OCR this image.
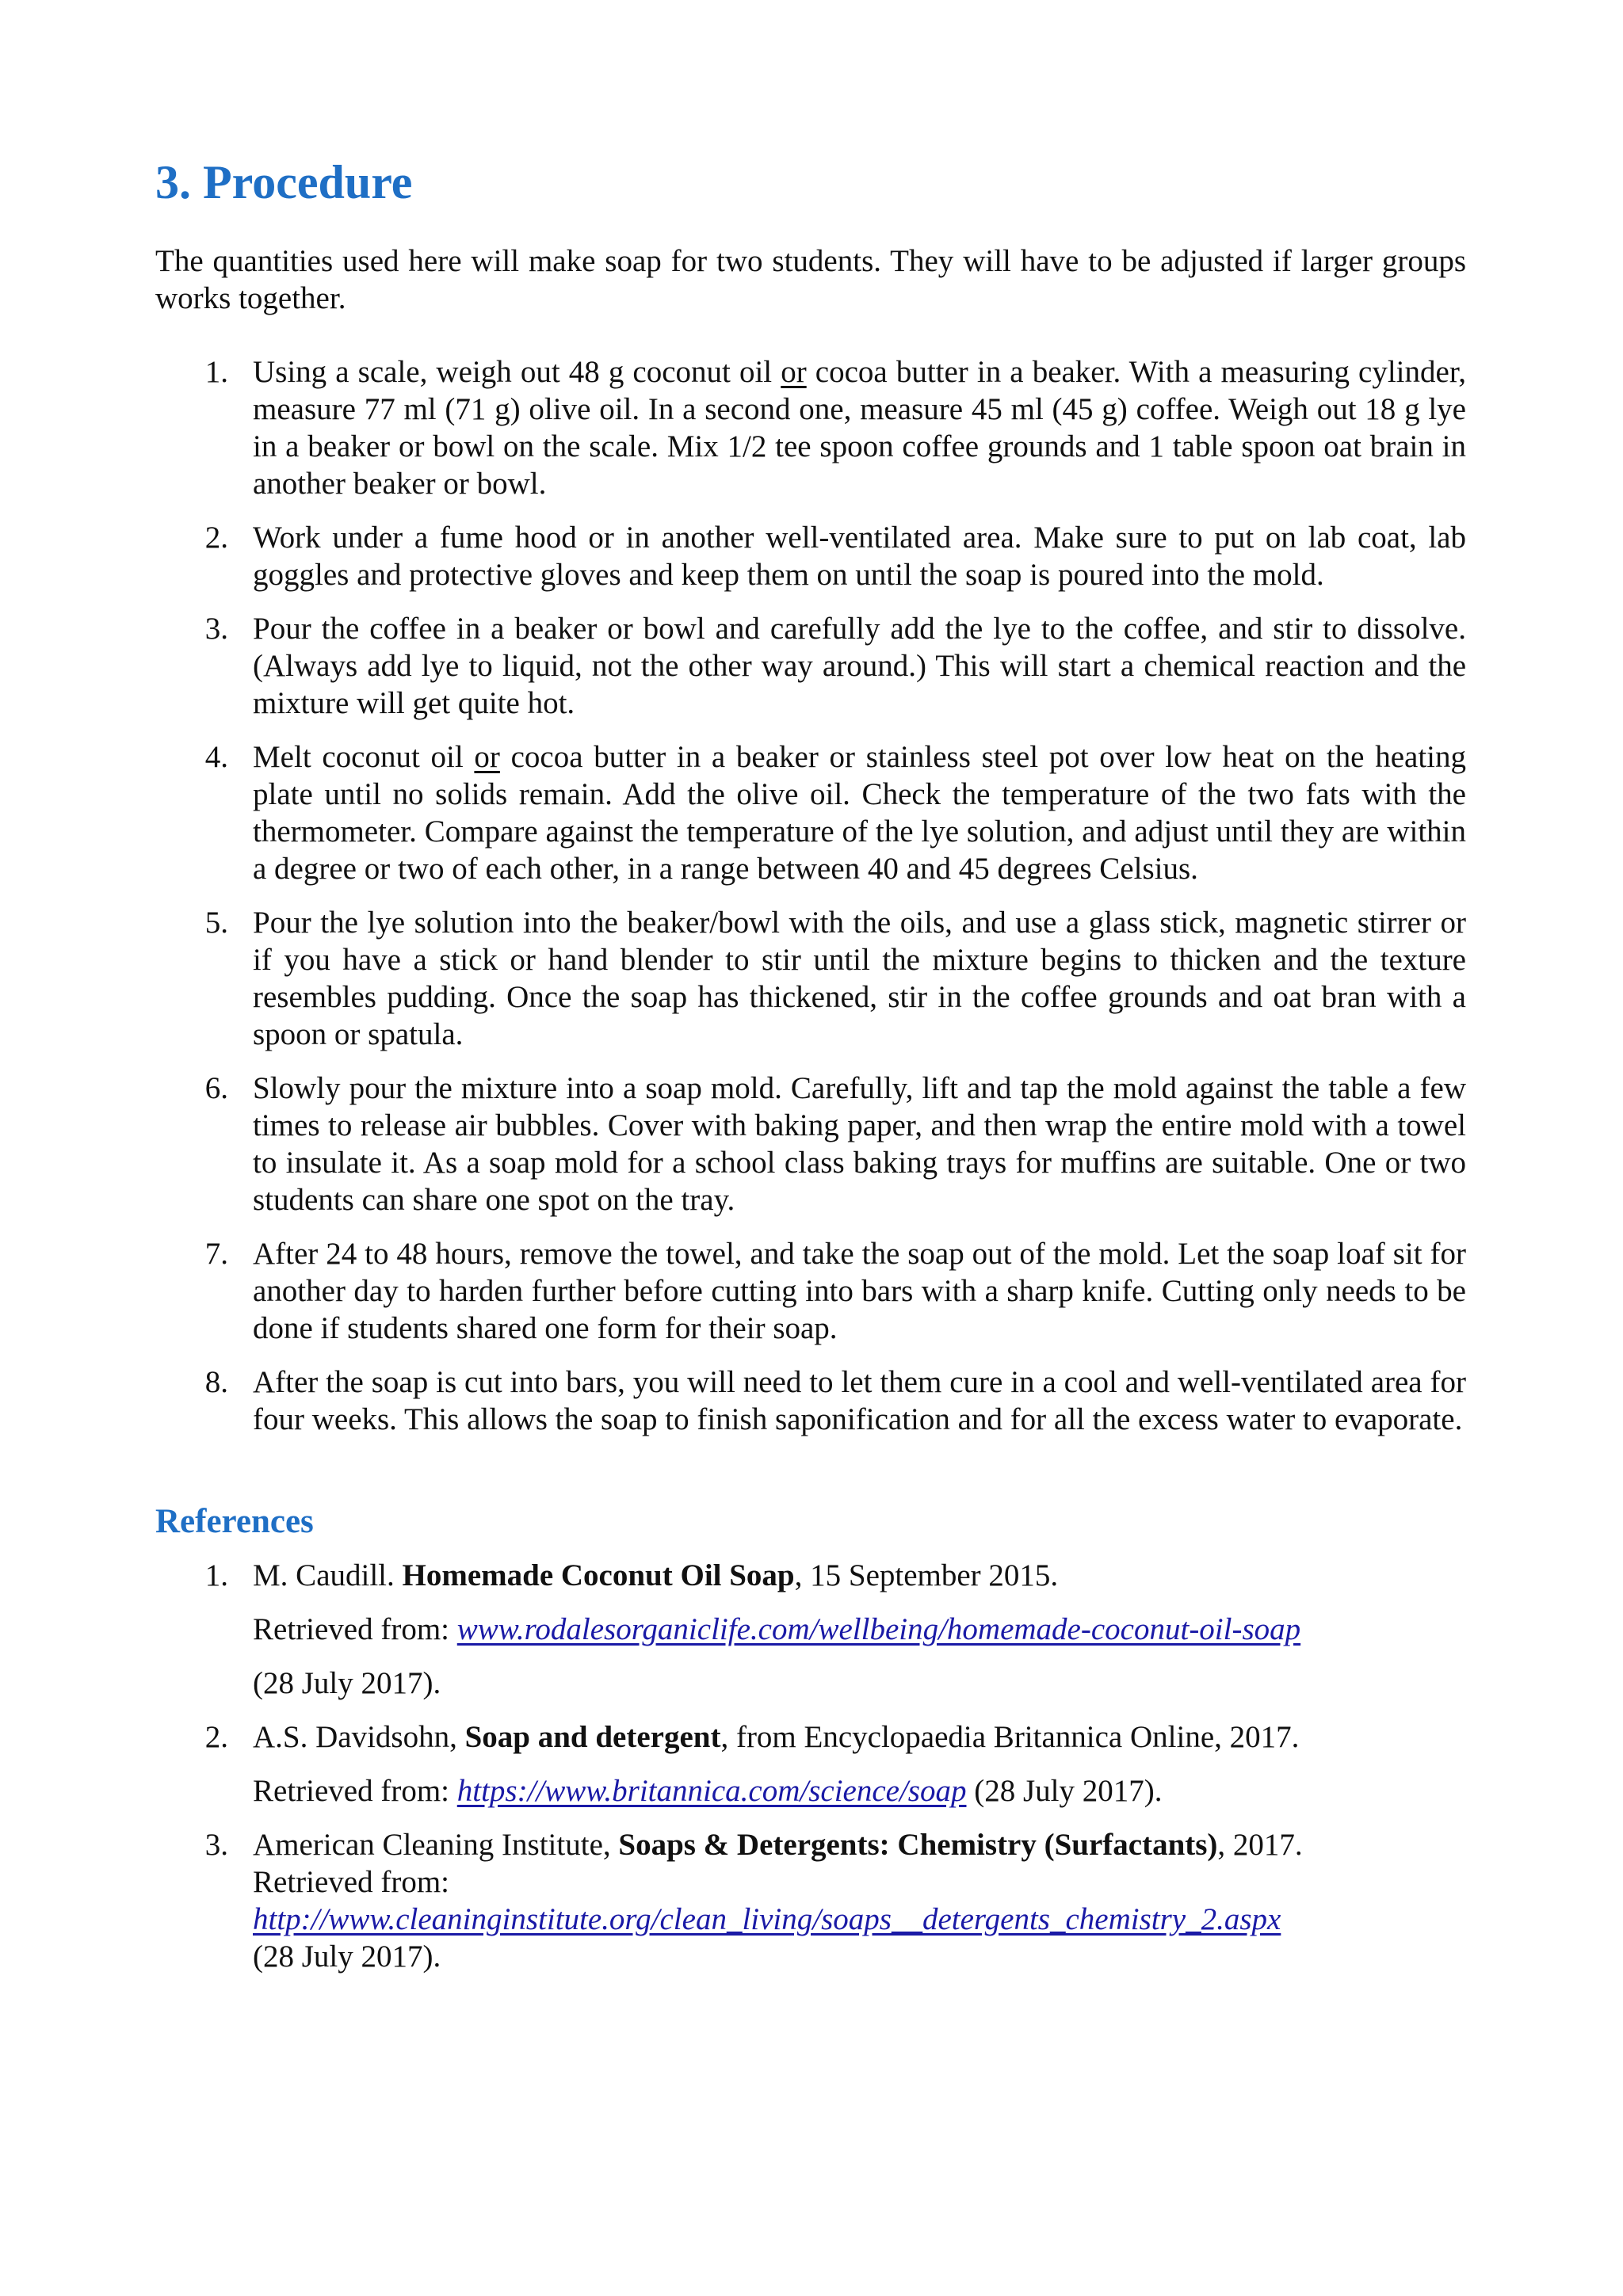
3. Procedure

The quantities used here will make soap for two students. They will have to be adjusted if larger groups works together.

1. Using a scale, weigh out 48 g coconut oil or cocoa butter in a beaker. With a measuring cylinder, measure 77 ml (71 g) olive oil. In a second one, measure 45 ml (45 g) coffee. Weigh out 18 g lye in a beaker or bowl on the scale. Mix 1/2 tee spoon coffee grounds and 1 table spoon oat brain in another beaker or bowl.
2. Work under a fume hood or in another well-ventilated area. Make sure to put on lab coat, lab goggles and protective gloves and keep them on until the soap is poured into the mold.
3. Pour the coffee in a beaker or bowl and carefully add the lye to the coffee, and stir to dissolve. (Always add lye to liquid, not the other way around.) This will start a chemical reaction and the mixture will get quite hot.
4. Melt coconut oil or cocoa butter in a beaker or stainless steel pot over low heat on the heating plate until no solids remain. Add the olive oil. Check the temperature of the two fats with the thermometer. Compare against the temperature of the lye solution, and adjust until they are within a degree or two of each other, in a range between 40 and 45 degrees Celsius.
5. Pour the lye solution into the beaker/bowl with the oils, and use a glass stick, magnetic stirrer or if you have a stick or hand blender to stir until the mixture begins to thicken and the texture resembles pudding. Once the soap has thickened, stir in the coffee grounds and oat bran with a spoon or spatula.
6. Slowly pour the mixture into a soap mold. Carefully, lift and tap the mold against the table a few times to release air bubbles. Cover with baking paper, and then wrap the entire mold with a towel to insulate it. As a soap mold for a school class baking trays for muffins are suitable. One or two students can share one spot on the tray.
7. After 24 to 48 hours, remove the towel, and take the soap out of the mold. Let the soap loaf sit for another day to harden further before cutting into bars with a sharp knife. Cutting only needs to be done if students shared one form for their soap.
8. After the soap is cut into bars, you will need to let them cure in a cool and well-ventilated area for four weeks. This allows the soap to finish saponification and for all the excess water to evaporate.
References
1. M. Caudill. Homemade Coconut Oil Soap, 15 September 2015.
Retrieved from: www.rodalesorganiclife.com/wellbeing/homemade-coconut-oil-soap
(28 July 2017).
2. A.S. Davidsohn, Soap and detergent, from Encyclopaedia Britannica Online, 2017.
Retrieved from: https://www.britannica.com/science/soap (28 July 2017).
3. American Cleaning Institute, Soaps & Detergents: Chemistry (Surfactants), 2017.
Retrieved from:
http://www.cleaninginstitute.org/clean_living/soaps__detergents_chemistry_2.aspx
(28 July 2017).
